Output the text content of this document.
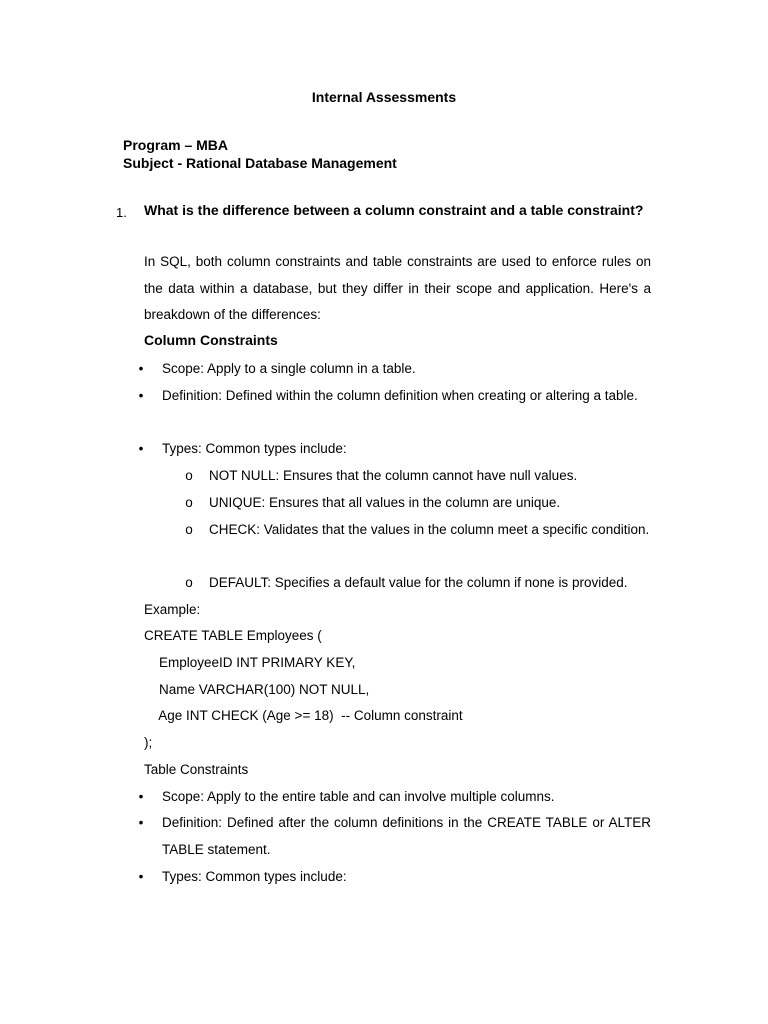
Internal Assessments
Program – MBA
Subject - Rational Database Management
1. What is the difference between a column constraint and a table constraint?
In SQL, both column constraints and table constraints are used to enforce rules on the data within a database, but they differ in their scope and application. Here's a breakdown of the differences:
Column Constraints
•	Scope: Apply to a single column in a table.
•	Definition: Defined within the column definition when creating or altering a table.
•	Types: Common types include:
o NOT NULL: Ensures that the column cannot have null values.
o UNIQUE: Ensures that all values in the column are unique.
o CHECK: Validates that the values in the column meet a specific condition.
o DEFAULT: Specifies a default value for the column if none is provided.
Example:
CREATE TABLE Employees (
EmployeeID INT PRIMARY KEY,
Name VARCHAR(100) NOT NULL,
Age INT CHECK (Age >= 18)  -- Column constraint
);
Table Constraints
•	Scope: Apply to the entire table and can involve multiple columns.
•	Definition: Defined after the column definitions in the CREATE TABLE or ALTER TABLE statement.
•	Types: Common types include:
